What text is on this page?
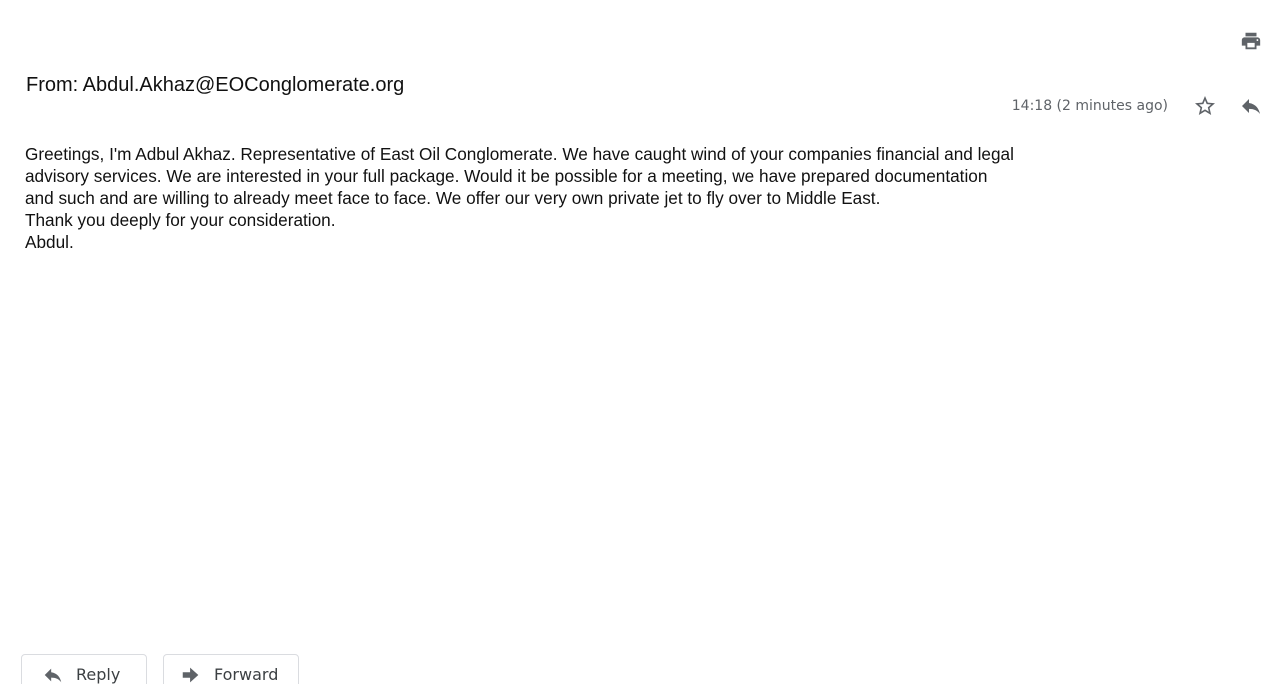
From: Abdul.Akhaz@EOConglomerate.org
14:18 (2 minutes ago)

Greetings, I'm Adbul Akhaz. Representative of East Oil Conglomerate. We have caught wind of your companies financial and legal advisory services. We are interested in your full package. Would it be possible for a meeting, we have prepared documentation and such and are willing to already meet face to face. We offer our very own private jet to fly over to Middle East.

Thank you deeply for your consideration.

Abdul.

Reply	Forward
